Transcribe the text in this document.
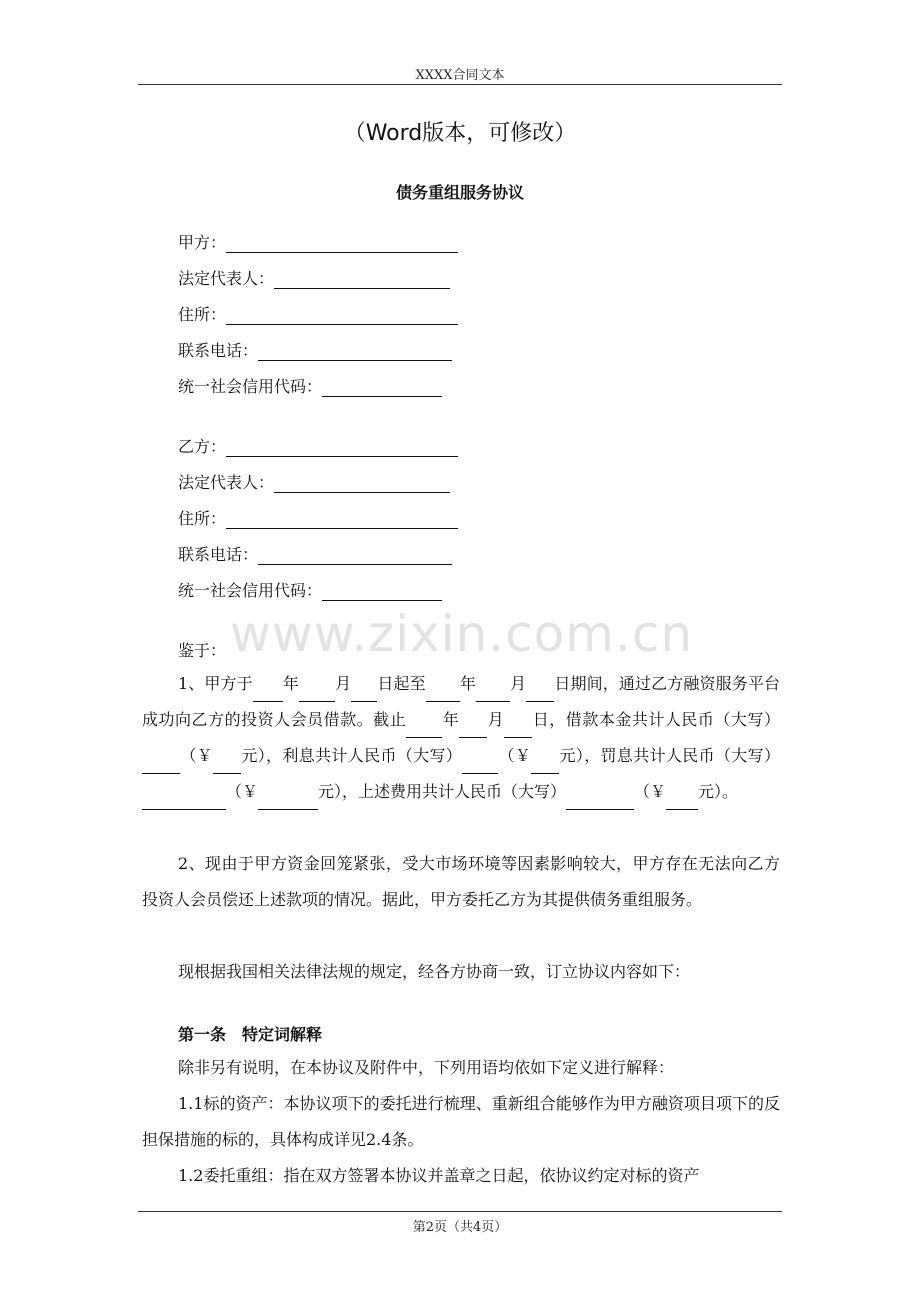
XXXX合同文本
（Word版本，可修改）
债务重组服务协议
甲方：
法定代表人：
住所：
联系电话：
统一社会信用代码：
乙方：
法定代表人：
住所：
联系电话：
统一社会信用代码：
www.zixin.com.cn
鉴于：
1、甲方于 年 月 日起至 年 月 日期间，通过乙方融资服务平台成功向乙方的投资人会员借款。截止 年 月 日，借款本金共计人民币（大写）（￥ 元），利息共计人民币（大写） （￥ 元），罚息共计人民币（大写）（￥	元），上述费用共计人民币（大写）	（￥ 元）。
2、现由于甲方资金回笼紧张，受大市场环境等因素影响较大，甲方存在无法向乙方投资人会员偿还上述款项的情况。据此，甲方委托乙方为其提供债务重组服务。
现根据我国相关法律法规的规定，经各方协商一致，订立协议内容如下：
第一条　特定词解释
除非另有说明，在本协议及附件中，下列用语均依如下定义进行解释：
1.1标的资产：本协议项下的委托进行梳理、重新组合能够作为甲方融资项目项下的反担保措施的标的，具体构成详见2.4条。
1.2委托重组：指在双方签署本协议并盖章之日起，依协议约定对标的资产
第2页（共4页）
